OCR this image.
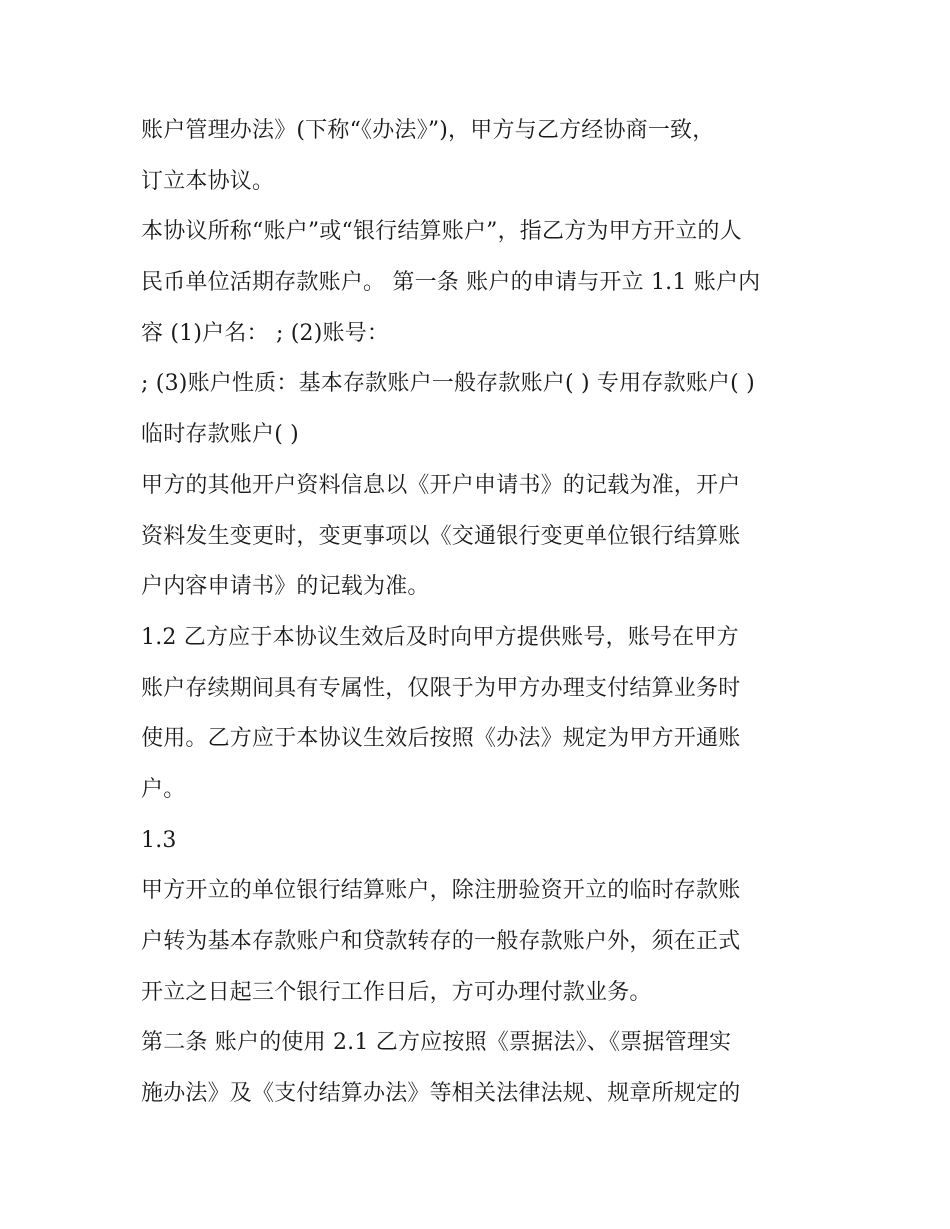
账户管理办法》(下称“《办法》”)，甲方与乙方经协商一致，
订立本协议。
本协议所称“账户”或“银行结算账户”，指乙方为甲方开立的人
民币单位活期存款账户。 第一条 账户的申请与开立 1.1 账户内
容 (1)户名： ; (2)账号：
; (3)账户性质：基本存款账户一般存款账户( ) 专用存款账户( )
临时存款账户( )
甲方的其他开户资料信息以《开户申请书》的记载为准，开户
资料发生变更时，变更事项以《交通银行变更单位银行结算账
户内容申请书》的记载为准。
1.2 乙方应于本协议生效后及时向甲方提供账号，账号在甲方
账户存续期间具有专属性，仅限于为甲方办理支付结算业务时
使用。乙方应于本协议生效后按照《办法》规定为甲方开通账
户。
1.3
甲方开立的单位银行结算账户，除注册验资开立的临时存款账
户转为基本存款账户和贷款转存的一般存款账户外，须在正式
开立之日起三个银行工作日后，方可办理付款业务。
第二条 账户的使用 2.1 乙方应按照《票据法》、《票据管理实
施办法》及《支付结算办法》等相关法律法规、规章所规定的
